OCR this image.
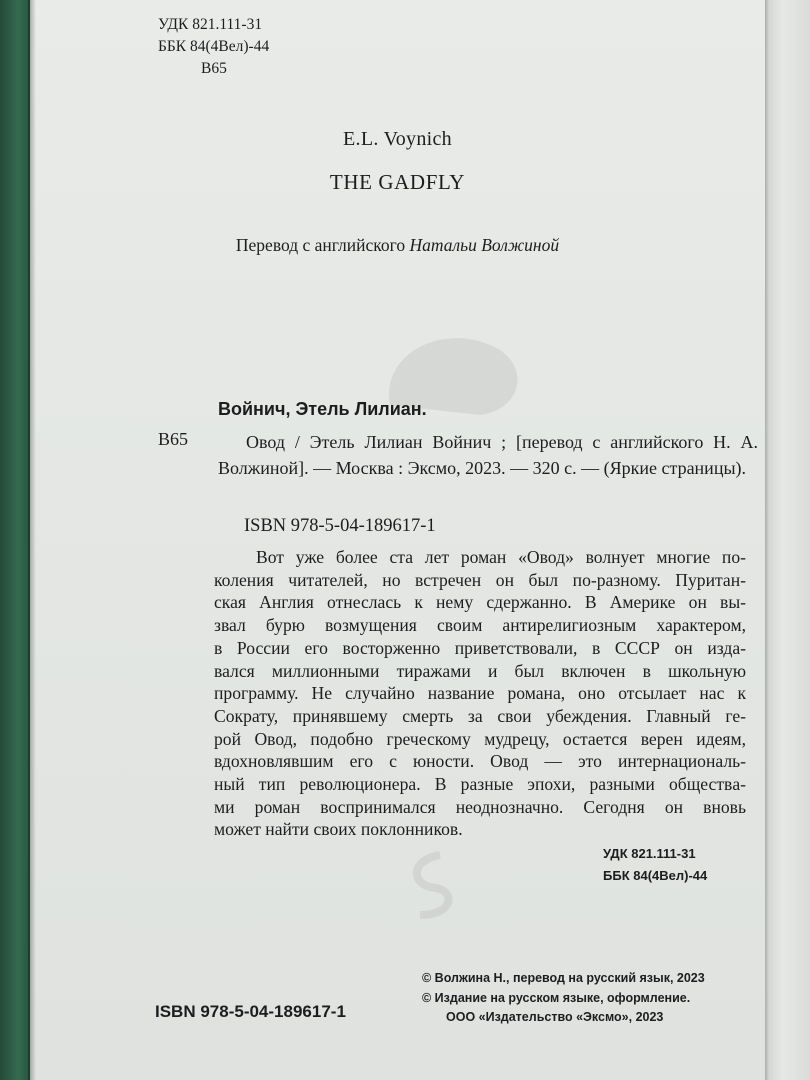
УДК 821.111-31
ББК 84(4Вел)-44
В65
E.L. Voynich
THE GADFLY
Перевод с английского Натальи Волжиной
Войнич, Этель Лилиан.
В65	Овод / Этель Лилиан Войнич ; [перевод с английского Н. А. Волжиной]. — Москва : Эксмо, 2023. — 320 с. — (Яркие страницы).
ISBN 978-5-04-189617-1
Вот уже более ста лет роман «Овод» волнует многие по-
коления читателей, но встречен он был по-разному. Пуритан-
ская Англия отнеслась к нему сдержанно. В Америке он вы-
звал бурю возмущения своим антирелигиозным характером,
в России его восторженно приветствовали, в СССР он изда-
вался миллионными тиражами и был включен в школьную
программу. Не случайно название романа, оно отсылает нас к
Сократу, принявшему смерть за свои убеждения. Главный ге-
рой Овод, подобно греческому мудрецу, остается верен идеям,
вдохновлявшим его с юности. Овод — это интернациональ-
ный тип революционера. В разные эпохи, разными обществa-
ми роман воспринимался неоднозначно. Сегодня он вновь
может найти своих поклонников.
УДК 821.111-31
ББК 84(4Вел)-44
© Волжина Н., перевод на русский язык, 2023
© Издание на русском языке, оформление.
ООО «Издательство «Эксмо», 2023
ISBN 978-5-04-189617-1
